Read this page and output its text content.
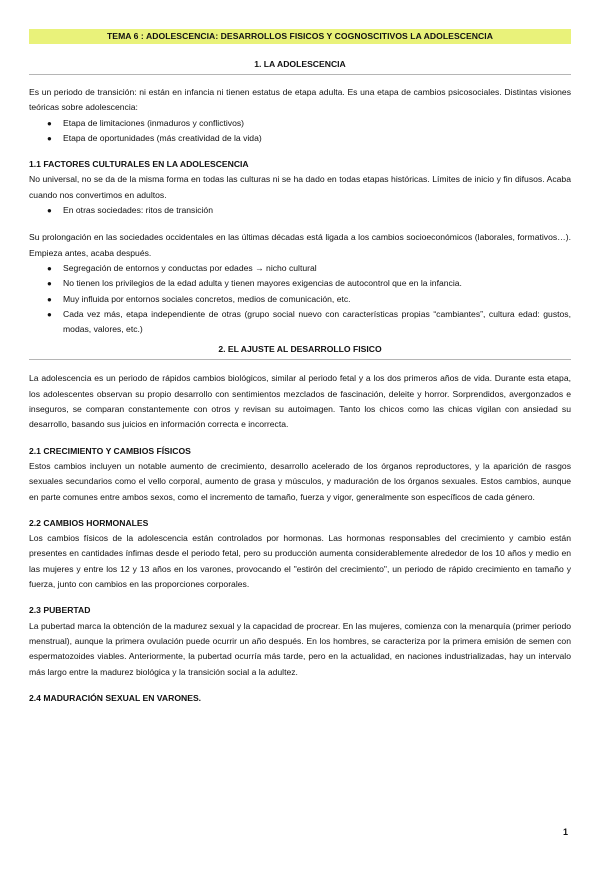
TEMA 6 : ADOLESCENCIA: DESARROLLOS FISICOS Y COGNOSCITIVOS LA ADOLESCENCIA
1. LA ADOLESCENCIA

Es un periodo de transición: ni están en infancia ni tienen estatus de etapa adulta. Es una etapa de cambios psicosociales. Distintas visiones teóricas sobre adolescencia:

● Etapa de limitaciones (inmaduros y conflictivos)
● Etapa de oportunidades (más creatividad de la vida)
1.1 FACTORES CULTURALES EN LA ADOLESCENCIA

No universal, no se da de la misma forma en todas las culturas ni se ha dado en todas etapas históricas. Límites de inicio y fin difusos. Acaba cuando nos convertimos en adultos.

● En otras sociedades: ritos de transición

Su prolongación en las sociedades occidentales en las últimas décadas está ligada a los cambios socioeconómicos (laborales, formativos…). Empieza antes, acaba después.

● Segregación de entornos y conductas por edades → nicho cultural
● No tienen los privilegios de la edad adulta y tienen mayores exigencias de autocontrol que en la infancia.
● Muy influida por entornos sociales concretos, medios de comunicación, etc.
● Cada vez más, etapa independiente de otras (grupo social nuevo con características propias “cambiantes”, cultura edad: gustos, modas, valores, etc.)
2. EL AJUSTE AL DESARROLLO FISICO

La adolescencia es un periodo de rápidos cambios biológicos, similar al periodo fetal y a los dos primeros años de vida. Durante esta etapa, los adolescentes observan su propio desarrollo con sentimientos mezclados de fascinación, deleite y horror. Sorprendidos, avergonzados e inseguros, se comparan constantemente con otros y revisan su autoimagen. Tanto los chicos como las chicas vigilan con ansiedad su desarrollo, basando sus juicios en información correcta e incorrecta.

2.1 CRECIMIENTO Y CAMBIOS FÍSICOS

Estos cambios incluyen un notable aumento de crecimiento, desarrollo acelerado de los órganos reproductores, y la aparición de rasgos sexuales secundarios como el vello corporal, aumento de grasa y músculos, y maduración de los órganos sexuales. Estos cambios, aunque en parte comunes entre ambos sexos, como el incremento de tamaño, fuerza y vigor, generalmente son específicos de cada género.

2.2 CAMBIOS HORMONALES

Los cambios físicos de la adolescencia están controlados por hormonas. Las hormonas responsables del crecimiento y cambio están presentes en cantidades ínfimas desde el periodo fetal, pero su producción aumenta considerablemente alrededor de los 10 años y medio en las mujeres y entre los 12 y 13 años en los varones, provocando el "estirón del crecimiento", un periodo de rápido crecimiento en tamaño y fuerza, junto con cambios en las proporciones corporales.

2.3 PUBERTAD

La pubertad marca la obtención de la madurez sexual y la capacidad de procrear. En las mujeres, comienza con la menarquía (primer periodo menstrual), aunque la primera ovulación puede ocurrir un año después. En los hombres, se caracteriza por la primera emisión de semen con espermatozoides viables. Anteriormente, la pubertad ocurría más tarde, pero en la actualidad, en naciones industrializadas, hay un intervalo más largo entre la madurez biológica y la transición social a la adultez.

2.4 MADURACIÓN SEXUAL EN VARONES.
1
